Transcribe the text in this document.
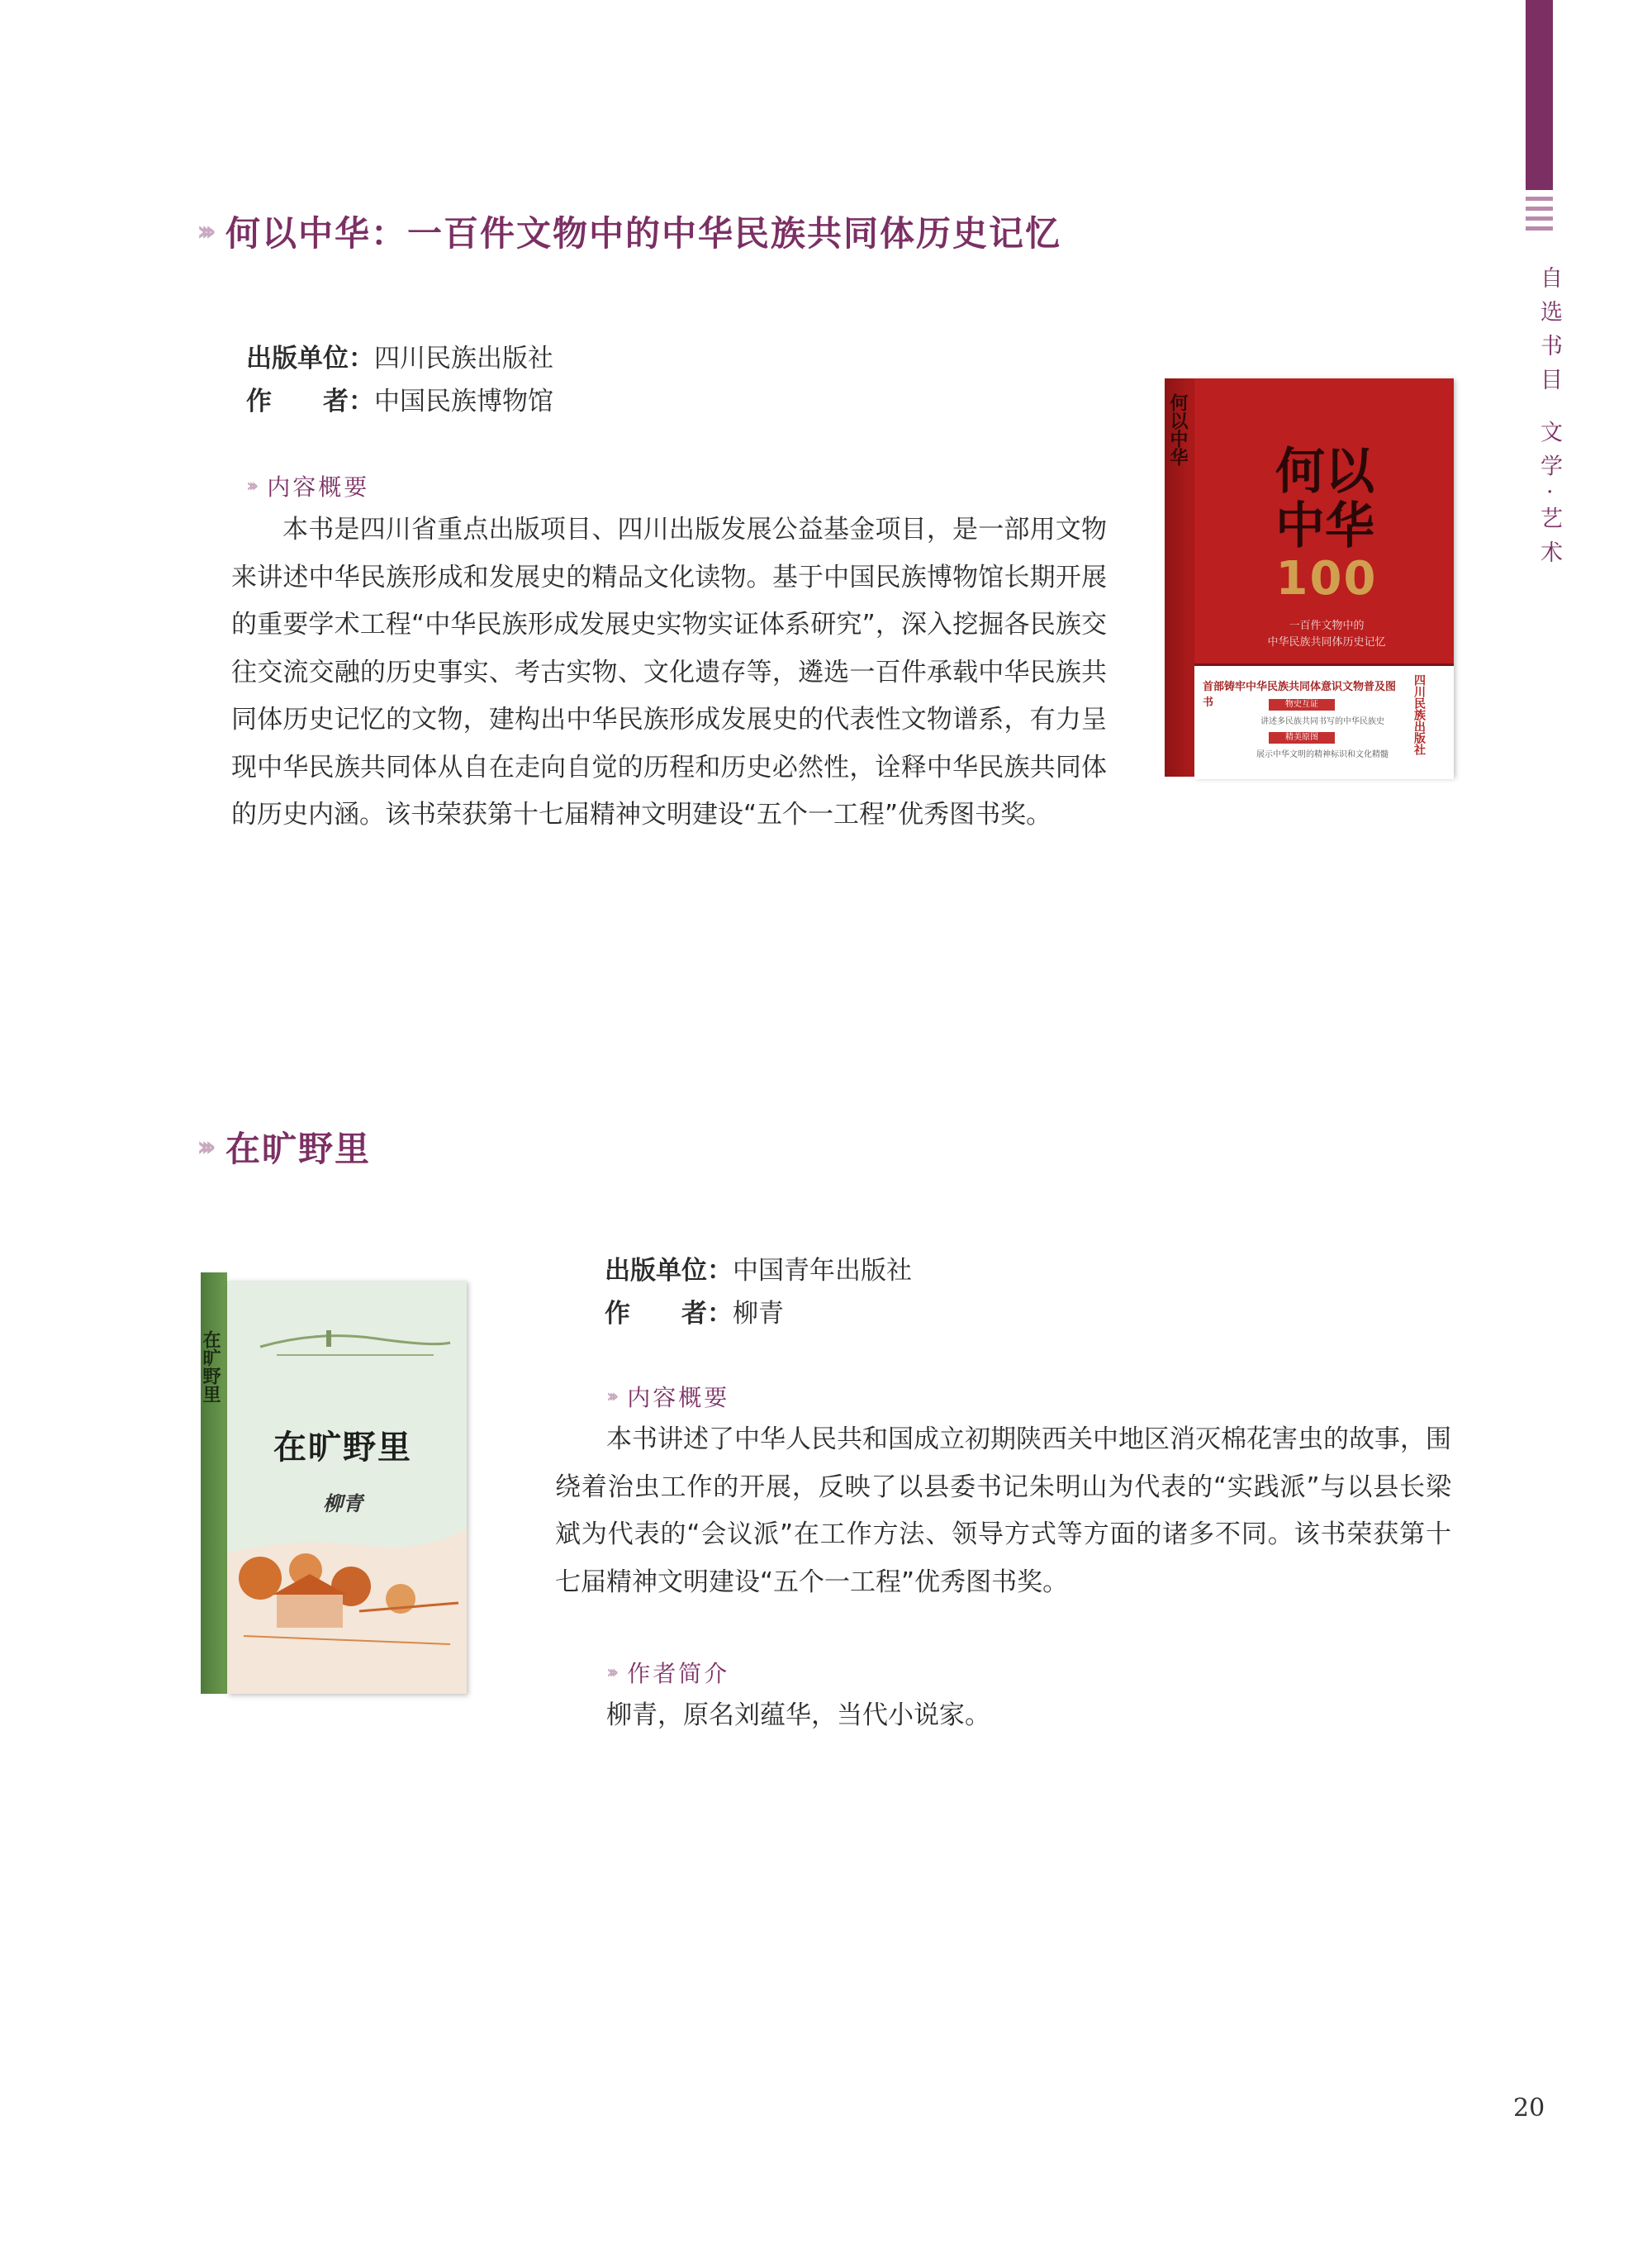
自选书目 文学·艺术
››› 何以中华：一百件文物中的中华民族共同体历史记忆
出版单位： 四川民族出版社
作　　者： 中国民族博物馆
››› 内容概要

本书是四川省重点出版项目、四川出版发展公益基金项目，是一部用文物来讲述中华民族形成和发展史的精品文化读物。基于中国民族博物馆长期开展的重要学术工程“中华民族形成发展史实物实证体系研究”，深入挖掘各民族交往交流交融的历史事实、考古实物、文化遗存等，遴选一百件承载中华民族共同体历史记忆的文物，建构出中华民族形成发展史的代表性文物谱系，有力呈现中华民族共同体从自在走向自觉的历程和历史必然性，诠释中华民族共同体的历史内涵。该书荣获第十七届精神文明建设“五个一工程”优秀图书奖。

何以中华
何以
中华
100
一百件文物中的
中华民族共同体历史记忆
首部铸牢中华民族共同体意识文物普及图书	物史互证
讲述多民族共同书写的中华民族史
精美原图
展示中华文明的精神标识和文化精髓	四川民族出版社
››› 在旷野里
出版单位： 中国青年出版社
作　　者： 柳青
››› 内容概要

本书讲述了中华人民共和国成立初期陕西关中地区消灭棉花害虫的故事，围绕着治虫工作的开展，反映了以县委书记朱明山为代表的“实践派”与以县长梁斌为代表的“会议派”在工作方法、领导方式等方面的诸多不同。该书荣获第十七届精神文明建设“五个一工程”优秀图书奖。

››› 作者简介

柳青，原名刘蕴华，当代小说家。

在旷野里
在旷野里
柳青
20
